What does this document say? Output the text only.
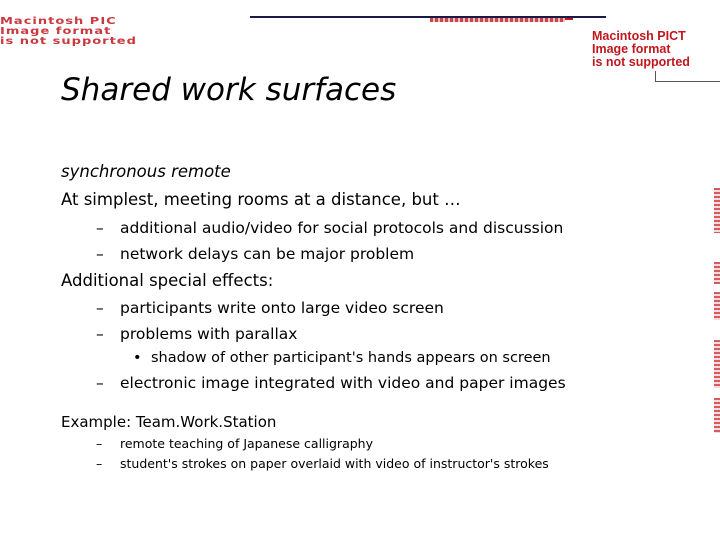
Macintosh PIC
Image format
is not supported	Macintosh PICT
Image format
is not supported
Shared work surfaces
synchronous remote
At simplest, meeting rooms at a distance, but …
– additional audio/video for social protocols and discussion
– network delays can be major problem
Additional special effects:
– participants write onto large video screen
– problems with parallax
• shadow of other participant's hands appears on screen
– electronic image integrated with video and paper images
Example: Team.Work.Station
– remote teaching of Japanese calligraphy
– student's strokes on paper overlaid with video of instructor's strokes
